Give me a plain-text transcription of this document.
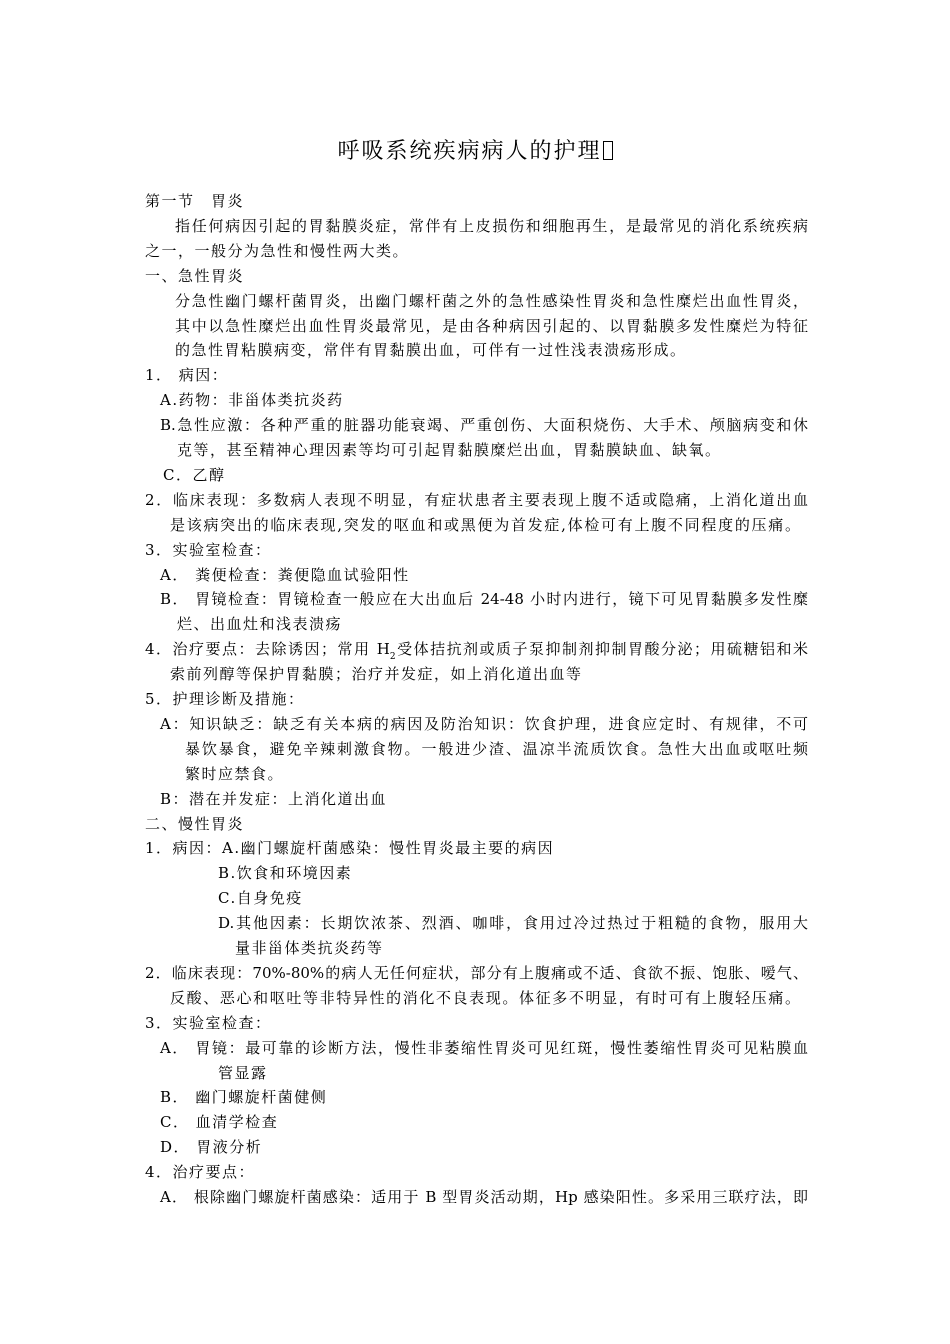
呼吸系统疾病病人的护理
第一节　胃炎
指任何病因引起的胃黏膜炎症，常伴有上皮损伤和细胞再生，是最常见的消化系统疾病
之一，一般分为急性和慢性两大类。
一、急性胃炎
分急性幽门螺杆菌胃炎，出幽门螺杆菌之外的急性感染性胃炎和急性糜烂出血性胃炎，
其中以急性糜烂出血性胃炎最常见，是由各种病因引起的、以胃黏膜多发性糜烂为特征
的急性胃粘膜病变，常伴有胃黏膜出血，可伴有一过性浅表溃疡形成。
1． 病因：
A.药物：非甾体类抗炎药
B.急性应激：各种严重的脏器功能衰竭、严重创伤、大面积烧伤、大手术、颅脑病变和休
克等，甚至精神心理因素等均可引起胃黏膜糜烂出血，胃黏膜缺血、缺氧。
C．乙醇
2．临床表现：多数病人表现不明显，有症状患者主要表现上腹不适或隐痛，上消化道出血
是该病突出的临床表现,突发的呕血和或黑便为首发症,体检可有上腹不同程度的压痛。
3．实验室检查：
A． 粪便检查：粪便隐血试验阳性
B． 胃镜检查：胃镜检查一般应在大出血后 24-48 小时内进行，镜下可见胃黏膜多发性糜
烂、出血灶和浅表溃疡
4．治疗要点：去除诱因；常用 $H_2$受体拮抗剂或质子泵抑制剂抑制胃酸分泌；用硫糖铝和米
索前列醇等保护胃黏膜；治疗并发症，如上消化道出血等
5．护理诊断及措施：
A：知识缺乏：缺乏有关本病的病因及防治知识：饮食护理，进食应定时、有规律，不可
暴饮暴食，避免辛辣刺激食物。一般进少渣、温凉半流质饮食。急性大出血或呕吐频
繁时应禁食。
B：潜在并发症：上消化道出血
二、慢性胃炎
1．病因：A.幽门螺旋杆菌感染：慢性胃炎最主要的病因
B.饮食和环境因素
C.自身免疫
D.其他因素：长期饮浓茶、烈酒、咖啡，食用过冷过热过于粗糙的食物，服用大
量非甾体类抗炎药等
2．临床表现：70%-80%的病人无任何症状，部分有上腹痛或不适、食欲不振、饱胀、嗳气、
反酸、恶心和呕吐等非特异性的消化不良表现。体征多不明显，有时可有上腹轻压痛。
3．实验室检查：
A． 胃镜：最可靠的诊断方法，慢性非萎缩性胃炎可见红斑，慢性萎缩性胃炎可见粘膜血
管显露
B． 幽门螺旋杆菌健侧
C． 血清学检查
D． 胃液分析
4．治疗要点：
A． 根除幽门螺旋杆菌感染：适用于 B 型胃炎活动期，Hp 感染阳性。多采用三联疗法，即
